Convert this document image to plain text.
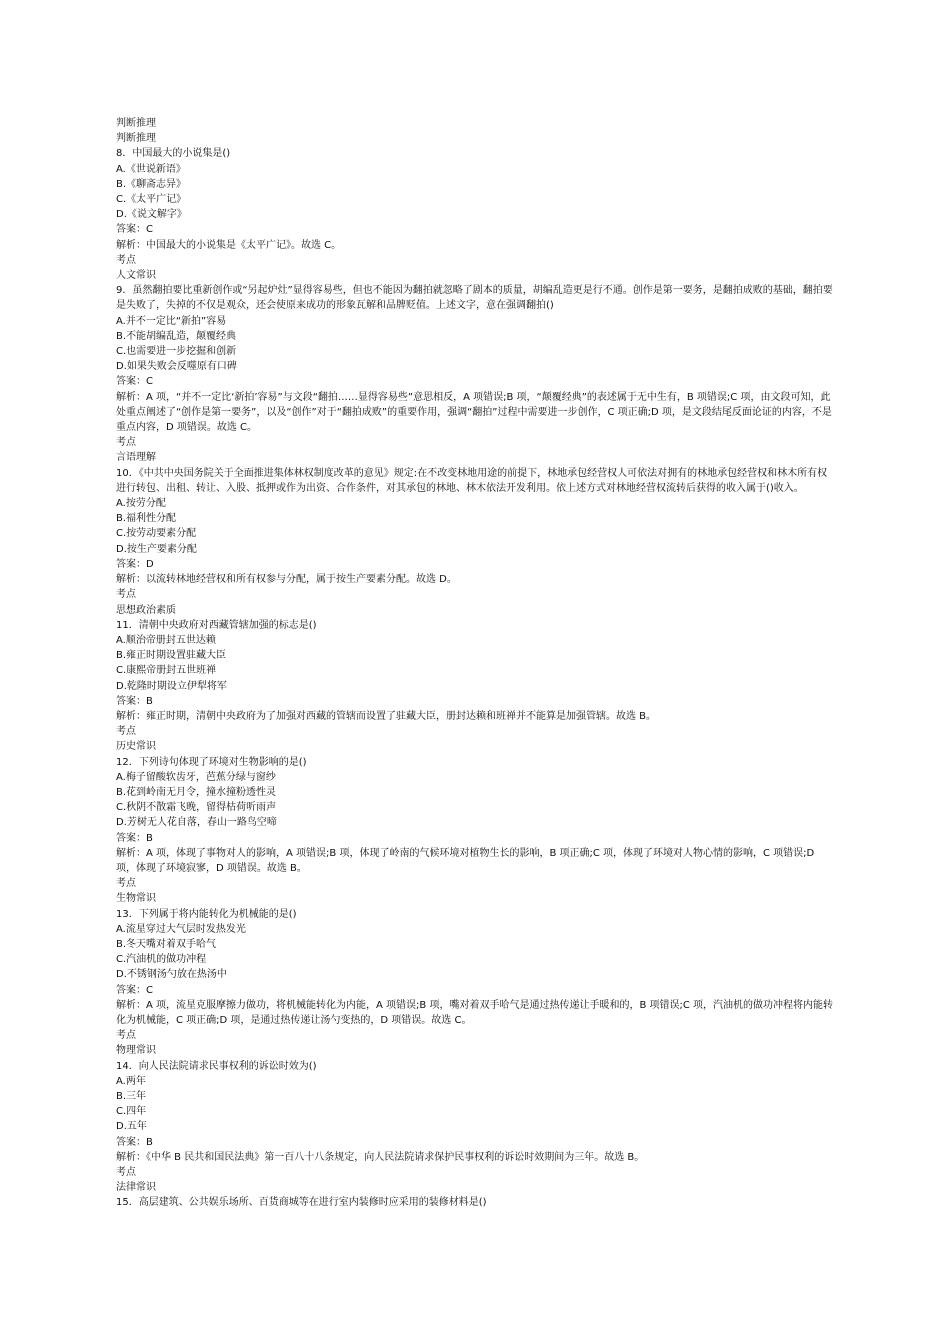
判断推理
判断推理
8．中国最大的小说集是()
A.《世说新语》
B.《聊斋志异》
C.《太平广记》
D.《说文解字》
答案：C
解析：中国最大的小说集是《太平广记》。故选 C。
考点
人文常识
9．虽然翻拍要比重新创作或“另起炉灶”显得容易些，但也不能因为翻拍就忽略了剧本的质量，胡编乱造更是行不通。创作是第一要务，是翻拍成败的基础，翻拍要是失败了，失掉的不仅是观众，还会使原来成功的形象瓦解和品牌贬值。上述文字，意在强调翻拍()
A.并不一定比“新拍”容易
B.不能胡编乱造，颠覆经典
C.也需要进一步挖掘和创新
D.如果失败会反噬原有口碑
答案：C
解析：A 项，“并不一定比‘新拍’容易”与文段“翻拍……显得容易些”意思相反，A 项错误;B 项，“颠覆经典”的表述属于无中生有，B 项错误;C 项，由文段可知，此处重点阐述了“创作是第一要务”，以及“创作”对于“翻拍成败”的重要作用，强调“翻拍”过程中需要进一步创作，C 项正确;D 项，是文段结尾反面论证的内容，不是重点内容，D 项错误。故选 C。
考点
言语理解
10．《中共中央国务院关于全面推进集体林权制度改革的意见》规定:在不改变林地用途的前提下，林地承包经营权人可依法对拥有的林地承包经营权和林木所有权进行转包、出租、转让、入股、抵押或作为出资、合作条件，对其承包的林地、林木依法开发利用。依上述方式对林地经营权流转后获得的收入属于()收入。
A.按劳分配
B.福利性分配
C.按劳动要素分配
D.按生产要素分配
答案：D
解析：以流转林地经营权和所有权参与分配，属于按生产要素分配。故选 D。
考点
思想政治素质
11．清朝中央政府对西藏管辖加强的标志是()
A.顺治帝册封五世达赖
B.雍正时期设置驻藏大臣
C.康熙帝册封五世班禅
D.乾隆时期设立伊犁将军
答案：B
解析：雍正时期，清朝中央政府为了加强对西藏的管辖而设置了驻藏大臣，册封达赖和班禅并不能算是加强管辖。故选 B。
考点
历史常识
12．下列诗句体现了环境对生物影响的是()
A.梅子留酸软齿牙，芭蕉分绿与窗纱
B.花到岭南无月令，撞水撞粉透性灵
C.秋阴不散霜飞晚，留得枯荷听雨声
D.芳树无人花自落，春山一路鸟空啼
答案：B
解析：A 项，体现了事物对人的影响，A 项错误;B 项，体现了岭南的气候环境对植物生长的影响，B 项正确;C 项，体现了环境对人物心情的影响，C 项错误;D 项，体现了环境寂寥，D 项错误。故选 B。
考点
生物常识
13．下列属于将内能转化为机械能的是()
A.流星穿过大气层时发热发光
B.冬天嘴对着双手哈气
C.汽油机的做功冲程
D.不锈钢汤勺放在热汤中
答案：C
解析：A 项，流星克服摩擦力做功，将机械能转化为内能，A 项错误;B 项，嘴对着双手哈气是通过热传递让手暖和的，B 项错误;C 项，汽油机的做功冲程将内能转化为机械能，C 项正确;D 项，是通过热传递让汤勺变热的，D 项错误。故选 C。
考点
物理常识
14．向人民法院请求民事权利的诉讼时效为()
A.两年
B.三年
C.四年
D.五年
答案：B
解析：《中华 B 民共和国民法典》第一百八十八条规定，向人民法院请求保护民事权利的诉讼时效期间为三年。故选 B。
考点
法律常识
15．高层建筑、公共娱乐场所、百货商城等在进行室内装修时应采用的装修材料是()
